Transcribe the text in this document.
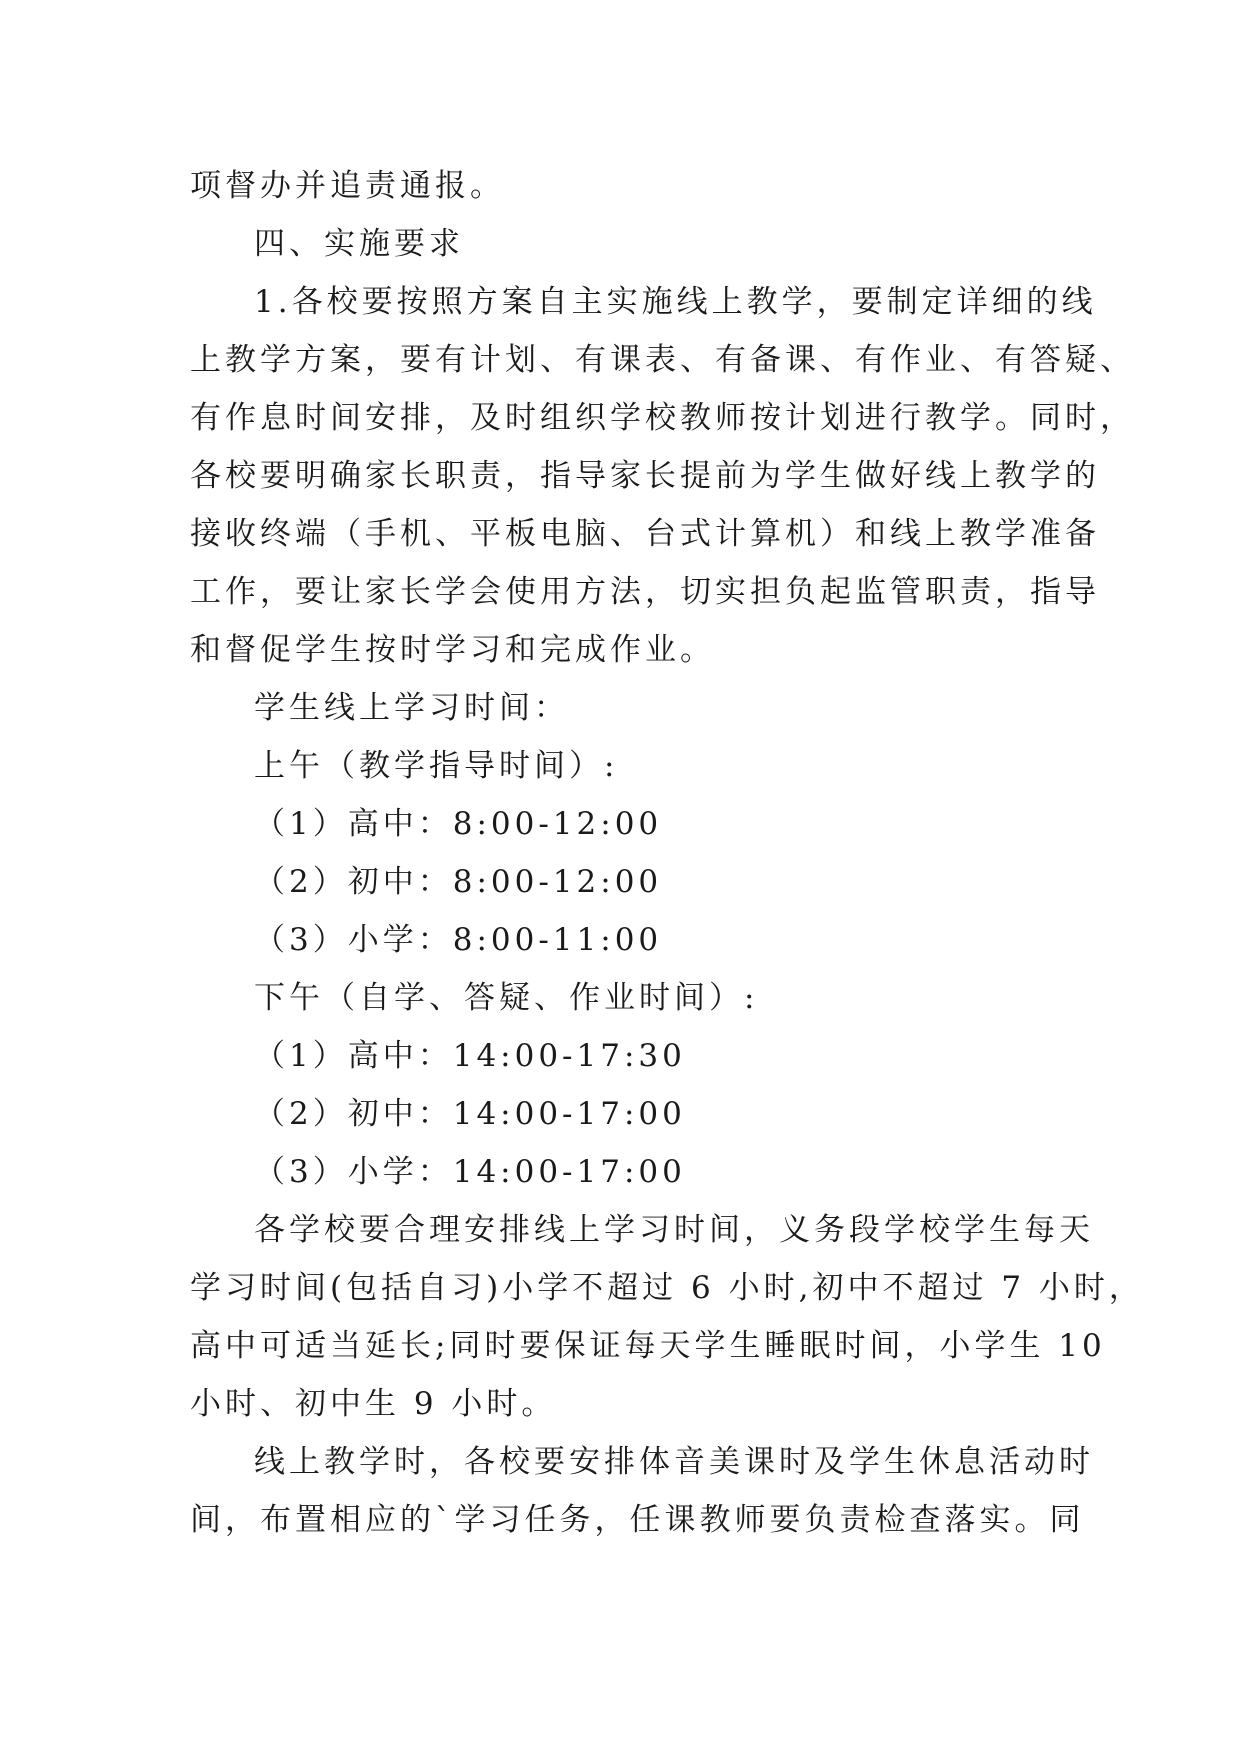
项督办并追责通报。
四、实施要求
1.各校要按照方案自主实施线上教学，要制定详细的线
上教学方案，要有计划、有课表、有备课、有作业、有答疑、
有作息时间安排，及时组织学校教师按计划进行教学。同时，
各校要明确家长职责，指导家长提前为学生做好线上教学的
接收终端（手机、平板电脑、台式计算机）和线上教学准备
工作，要让家长学会使用方法，切实担负起监管职责，指导
和督促学生按时学习和完成作业。
学生线上学习时间：
上午（教学指导时间）:
（1）高中：8:00-12:00
（2）初中：8:00-12:00
（3）小学：8:00-11:00
下午（自学、答疑、作业时间）:
（1）高中：14:00-17:30
（2）初中：14:00-17:00
（3）小学：14:00-17:00
各学校要合理安排线上学习时间，义务段学校学生每天
学习时间(包括自习)小学不超过 6 小时,初中不超过 7 小时，
高中可适当延长;同时要保证每天学生睡眠时间，小学生 10
小时、初中生 9 小时。
线上教学时，各校要安排体音美课时及学生休息活动时
间，布置相应的`学习任务，任课教师要负责检查落实。同
